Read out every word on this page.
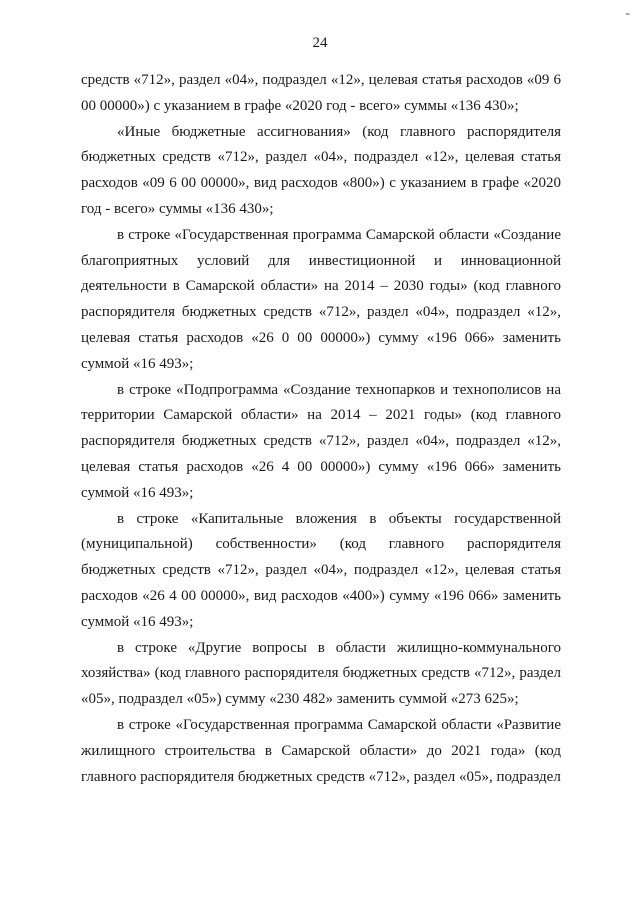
-
24

средств «712», раздел «04», подраздел «12», целевая статья расходов «09 6 00 00000») с указанием в графе «2020 год - всего» суммы «136 430»;

«Иные бюджетные ассигнования» (код главного распорядителя бюджетных средств «712», раздел «04», подраздел «12», целевая статья расходов «09 6 00 00000», вид расходов «800») с указанием в графе «2020 год - всего» суммы «136 430»;

в строке «Государственная программа Самарской области «Создание благоприятных условий для инвестиционной и инновационной деятельности в Самарской области» на 2014 – 2030 годы» (код главного распорядителя бюджетных средств «712», раздел «04», подраздел «12», целевая статья расходов «26 0 00 00000») сумму «196 066» заменить суммой «16 493»;

в строке «Подпрограмма «Создание технопарков и технополисов на территории Самарской области» на 2014 – 2021 годы» (код главного распорядителя бюджетных средств «712», раздел «04», подраздел «12», целевая статья расходов «26 4 00 00000») сумму «196 066» заменить суммой «16 493»;

в строке «Капитальные вложения в объекты государственной (муниципальной) собственности» (код главного распорядителя бюджетных средств «712», раздел «04», подраздел «12», целевая статья расходов «26 4 00 00000», вид расходов «400») сумму «196 066» заменить суммой «16 493»;

в строке «Другие вопросы в области жилищно-коммунального хозяйства» (код главного распорядителя бюджетных средств «712», раздел «05», подраздел «05») сумму «230 482» заменить суммой «273 625»;

в строке «Государственная программа Самарской области «Развитие жилищного строительства в Самарской области» до 2021 года» (код главного распорядителя бюджетных средств «712», раздел «05», подраздел
